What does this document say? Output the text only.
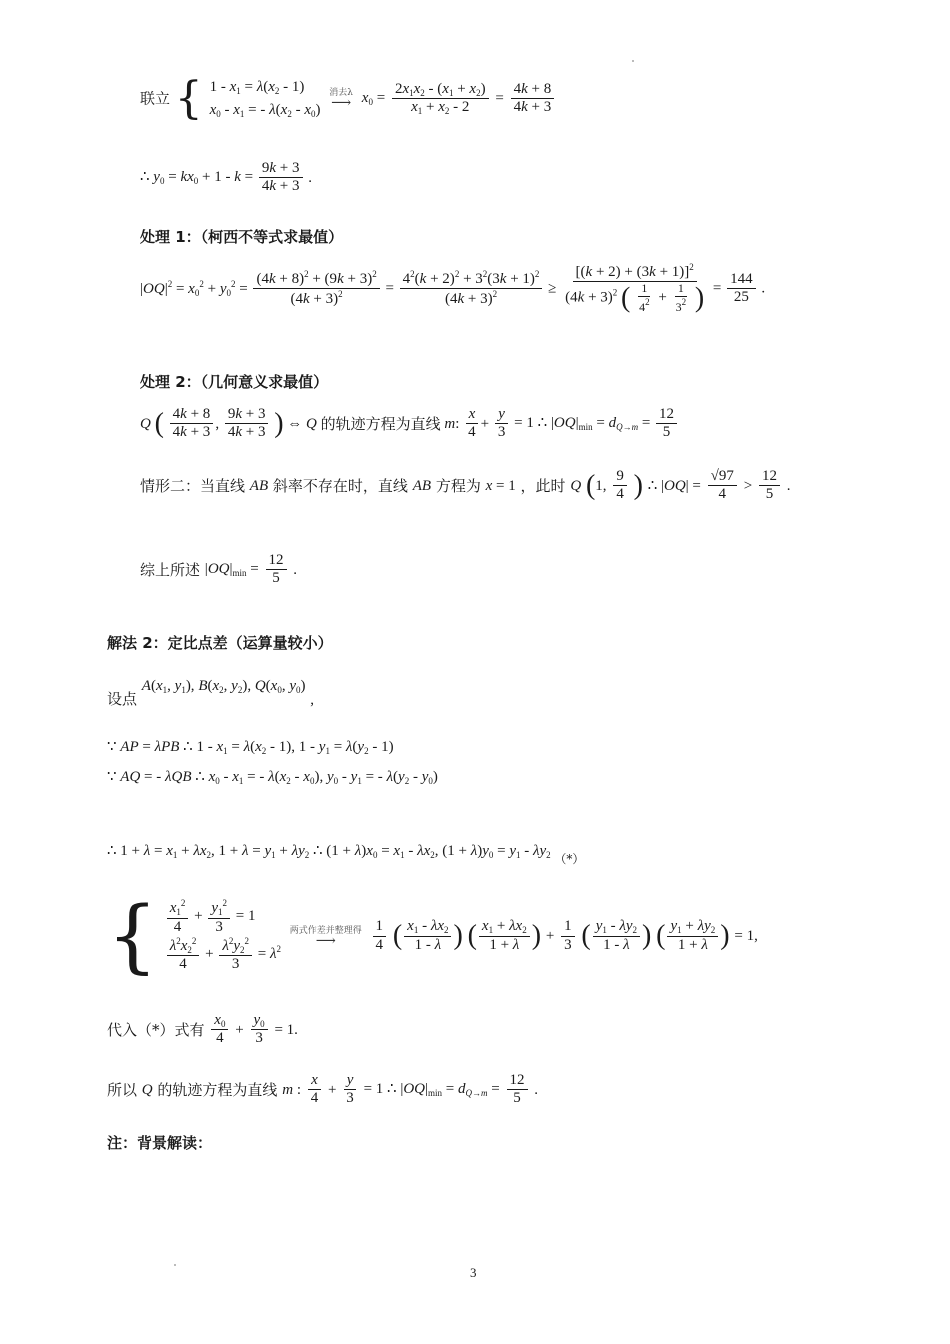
联立 { $1 - x_1 = \lambda(x_2 - 1)$
$x_0 - x_1$ = - $\lambda(x_2 - x_0)$

消去λ
⟶ $x_0 = \frac{2x_1x_2 - (x_1 + x_2)}{x_1 + x_2 - 2} = \frac{4k + 8}{4k + 3}$
∴ $y_0 = kx_0 + 1 - k = \frac{9k + 3}{4k + 3}$ .
处理 1：（柯西不等式求最值）
$|OQ|^2 = x_0^2 + y_0^2 = \frac{(4k + 8)^2 + (9k + 3)^2}{(4k + 3)^2} = \frac{4^2(k + 2)^2 + 3^2(3k + 1)^2}{(4k + 3)^2} \ge \frac{[(k + 2) + (3k + 1)]^2}{(4k + 3)^2 ( \frac{1}{4^2} + \frac{1}{3^2} )} = \frac{144}{25}$ .
处理 2：（几何意义求最值）
Q ( $\frac{4k + 8}{4k + 3}$ , $\frac{9k + 3}{4k + 3}$ ) ⇔ Q 的轨迹方程为直线 m: $\frac{x}{4} + \frac{y}{3} = 1$ ∴ $|OQ|_{min} = d_{Q\to m} = \frac{12}{5}$
情形二：当直线 AB 斜率不存在时，直线 AB 方程为 x = 1 ，此时 Q (1, $\frac{9}{4}$ ) ∴ $|OQ| = \frac{√97}{4} > \frac{12}{5}$ .
综上所述 $|OQ|_{min} = \frac{12}{5}$ .
解法 2：定比点差（运算量较小）
设点 $A(x_1$, $y_1$), $B(x_2$, $y_2$), $Q(x_0$, $y_0$) ,
∵ AP = λPB ∴ $1 - x_1 = \lambda(x_2 - 1)$, $1 - y_1 = \lambda(y_2 - 1)$
∵ AQ = - λQB ∴ $x_0 - x_1$ = - $\lambda(x_2 - x_0)$, $y_0 - y_1$ = - $\lambda(y_2 - y_0)$
∴ $1 + \lambda = x_1 + \lambda x_2$, $1 + \lambda = y_1 + \lambda y_2$ ∴ $(1 + \lambda)x_0 = x_1 - \lambda x_2$, $(1 + \lambda)y_0 = y_1 - \lambda y_2$ $_{(*)}$
{ $\frac{x_1^2}{4} + \frac{y_1^2}{3} = 1$
$\frac{\lambda^2x_2^2}{4} + \frac{\lambda^2y_2^2}{3} = \lambda^2$

两式作差并整理得
⟶
$\frac{1}{4}$ ( $\frac{x_1 - \lambda x_2}{1 - \lambda}$ ) ( $\frac{x_1 + \lambda x_2}{1 + \lambda}$ ) + $\frac{1}{3}$ ( $\frac{y_1 - \lambda y_2}{1 - \lambda}$ ) ( $\frac{y_1 + \lambda y_2}{1 + \lambda}$ ) = 1,
代入（*）式有 $\frac{x_0}{4} + \frac{y_0}{3} = 1$.
所以 Q 的轨迹方程为直线 m : $\frac{x}{4} + \frac{y}{3} = 1$ ∴ $|OQ|_{min} = d_{Q\to m} = \frac{12}{5}$ .
注：背景解读：
3
